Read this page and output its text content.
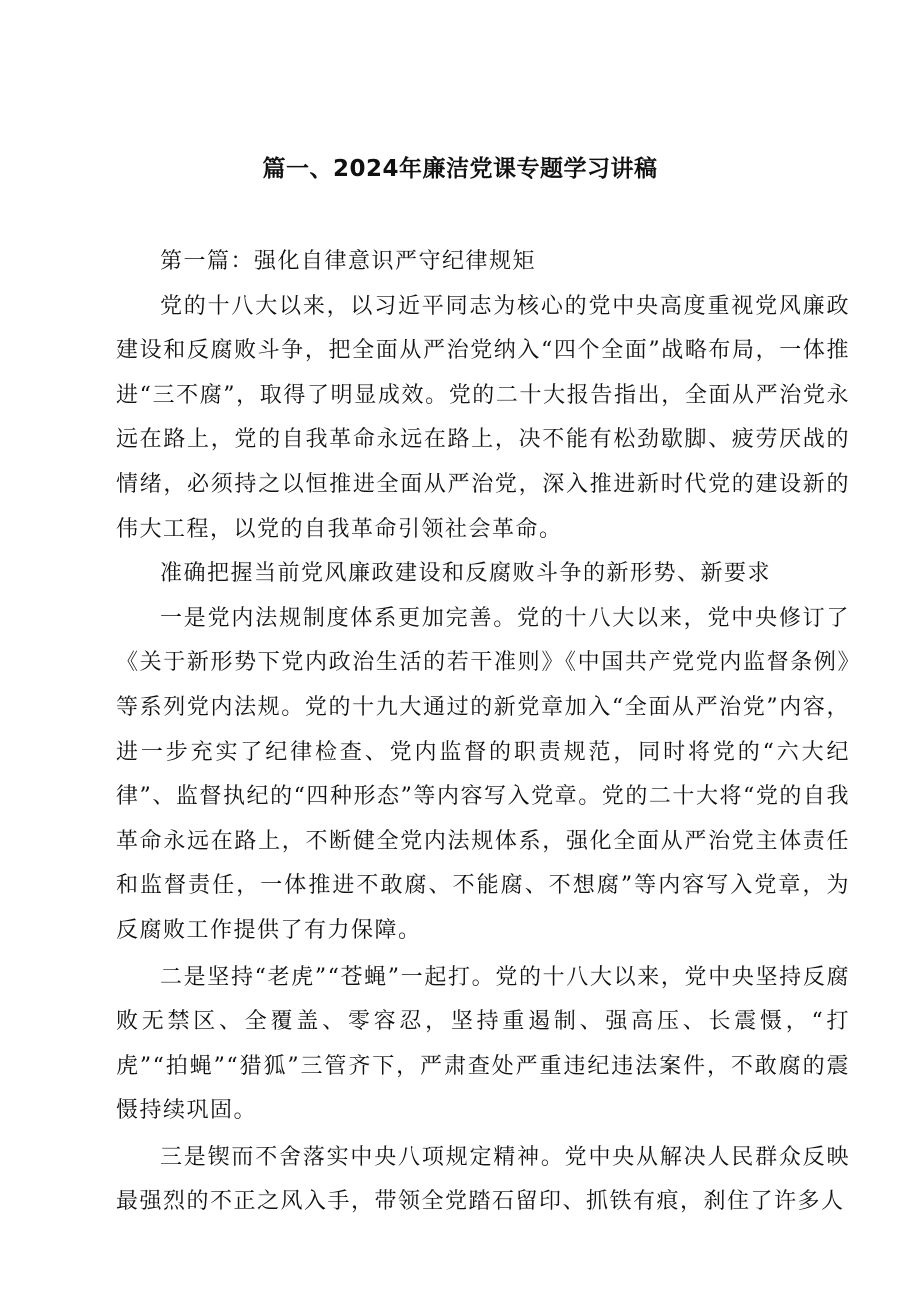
篇一、2024年廉洁党课专题学习讲稿

第一篇：强化自律意识严守纪律规矩

党的十八大以来，以习近平同志为核心的党中央高度重视党风廉政建设和反腐败斗争，把全面从严治党纳入“四个全面”战略布局，一体推进“三不腐”，取得了明显成效。党的二十大报告指出，全面从严治党永远在路上，党的自我革命永远在路上，决不能有松劲歇脚、疲劳厌战的情绪，必须持之以恒推进全面从严治党，深入推进新时代党的建设新的伟大工程，以党的自我革命引领社会革命。

准确把握当前党风廉政建设和反腐败斗争的新形势、新要求

一是党内法规制度体系更加完善。党的十八大以来，党中央修订了《关于新形势下党内政治生活的若干准则》《中国共产党党内监督条例》等系列党内法规。党的十九大通过的新党章加入“全面从严治党”内容，进一步充实了纪律检查、党内监督的职责规范，同时将党的“六大纪律”、监督执纪的“四种形态”等内容写入党章。党的二十大将“党的自我革命永远在路上，不断健全党内法规体系，强化全面从严治党主体责任和监督责任，一体推进不敢腐、不能腐、不想腐”等内容写入党章，为反腐败工作提供了有力保障。

二是坚持“老虎”“苍蝇”一起打。党的十八大以来，党中央坚持反腐败无禁区、全覆盖、零容忍，坚持重遏制、强高压、长震慑，“打虎”“拍蝇”“猎狐”三管齐下，严肃查处严重违纪违法案件，不敢腐的震慑持续巩固。

三是锲而不舍落实中央八项规定精神。党中央从解决人民群众反映最强烈的不正之风入手，带领全党踏石留印、抓铁有痕，刹住了许多人
